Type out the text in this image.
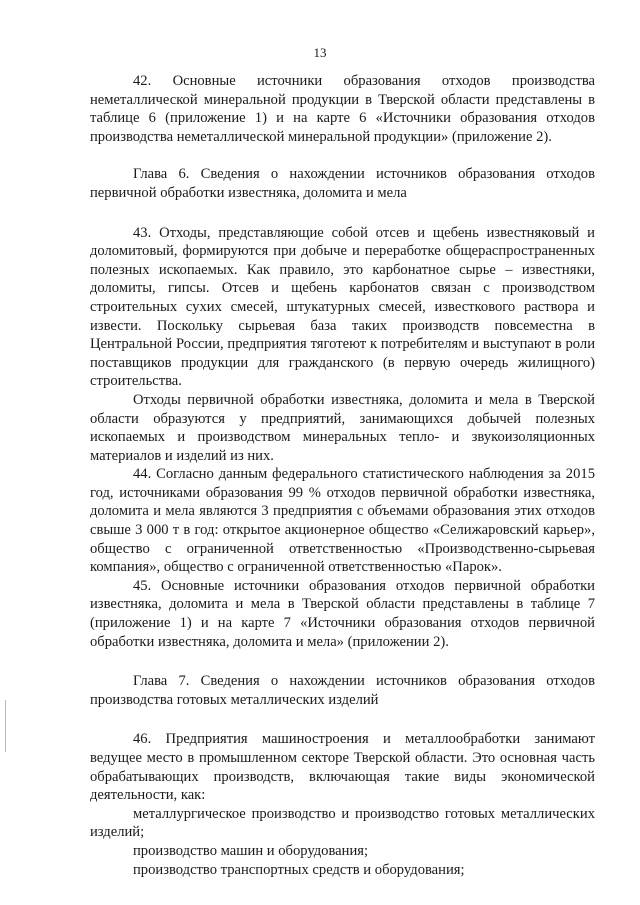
13

42. Основные источники образования отходов производства неметаллической минеральной продукции в Тверской области представлены в таблице 6 (приложение 1) и на карте 6 «Источники образования отходов производства неметаллической минеральной продукции» (приложение 2).

Глава 6. Сведения о нахождении источников образования отходов первичной обработки известняка, доломита и мела

43. Отходы, представляющие собой отсев и щебень известняковый и доломитовый, формируются при добыче и переработке общераспространенных полезных ископаемых. Как правило, это карбонатное сырье – известняки, доломиты, гипсы. Отсев и щебень карбонатов связан с производством строительных сухих смесей, штукатурных смесей, известкового раствора и извести. Поскольку сырьевая база таких производств повсеместна в Центральной России, предприятия тяготеют к потребителям и выступают в роли поставщиков продукции для гражданского (в первую очередь жилищного) строительства.

Отходы первичной обработки известняка, доломита и мела в Тверской области образуются у предприятий, занимающихся добычей полезных ископаемых и производством минеральных тепло- и звукоизоляционных материалов и изделий из них.

44. Согласно данным федерального статистического наблюдения за 2015 год, источниками образования 99 % отходов первичной обработки известняка, доломита и мела являются 3 предприятия с объемами образования этих отходов свыше 3 000 т в год: открытое акционерное общество «Селижаровский карьер», общество с ограниченной ответственностью «Производственно-сырьевая компания», общество с ограниченной ответственностью «Парок».

45. Основные источники образования отходов первичной обработки известняка, доломита и мела в Тверской области представлены в таблице 7 (приложение 1) и на карте 7 «Источники образования отходов первичной обработки известняка, доломита и мела» (приложении 2).

Глава 7. Сведения о нахождении источников образования отходов производства готовых металлических изделий

46. Предприятия машиностроения и металлообработки занимают ведущее место в промышленном секторе Тверской области. Это основная часть обрабатывающих производств, включающая такие виды экономической деятельности, как:

металлургическое производство и производство готовых металлических изделий;

производство машин и оборудования;

производство транспортных средств и оборудования;
